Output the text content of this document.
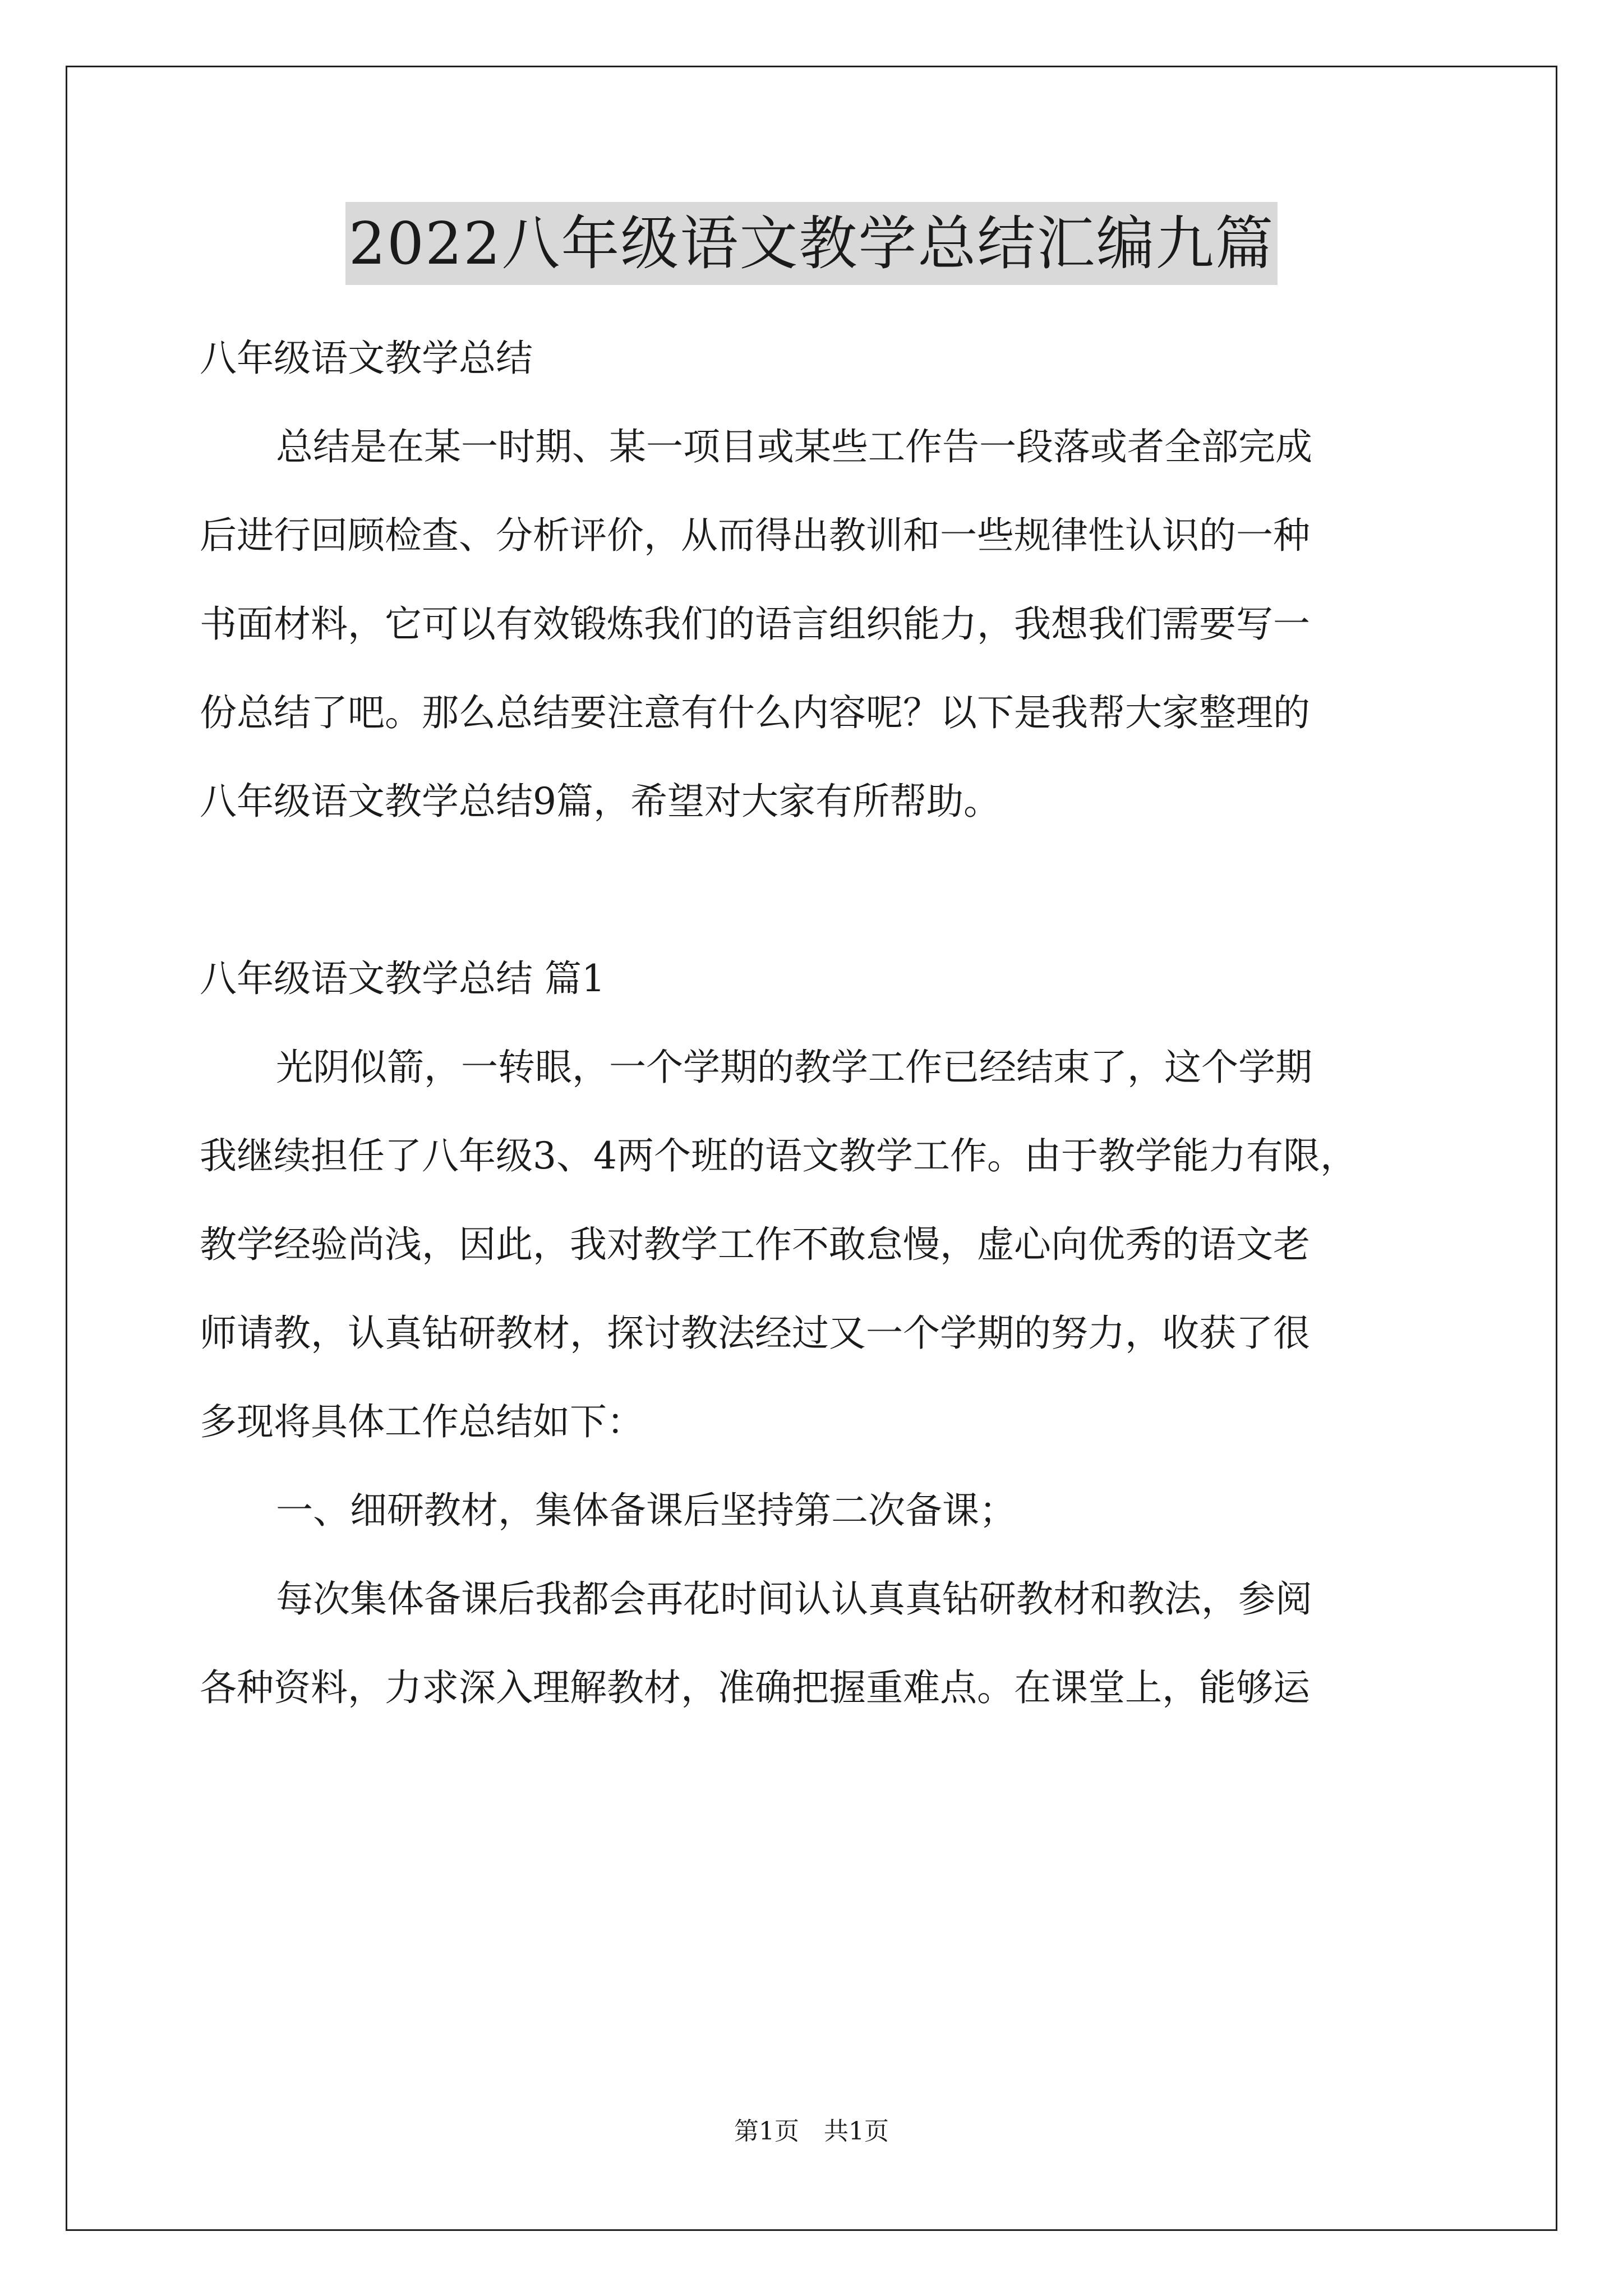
2022八年级语文教学总结汇编九篇
八年级语文教学总结
总结是在某一时期、某一项目或某些工作告一段落或者全部完成
后进行回顾检查、分析评价，从而得出教训和一些规律性认识的一种
书面材料，它可以有效锻炼我们的语言组织能力，我想我们需要写一
份总结了吧。那么总结要注意有什么内容呢？以下是我帮大家整理的
八年级语文教学总结9篇，希望对大家有所帮助。
八年级语文教学总结 篇1
光阴似箭，一转眼，一个学期的教学工作已经结束了，这个学期
我继续担任了八年级3、4两个班的语文教学工作。由于教学能力有限，
教学经验尚浅，因此，我对教学工作不敢怠慢，虚心向优秀的语文老
师请教，认真钻研教材，探讨教法经过又一个学期的努力，收获了很
多现将具体工作总结如下：
一、细研教材，集体备课后坚持第二次备课；
每次集体备课后我都会再花时间认认真真钻研教材和教法，参阅
各种资料，力求深入理解教材，准确把握重难点。在课堂上，能够运
第1页　共1页
